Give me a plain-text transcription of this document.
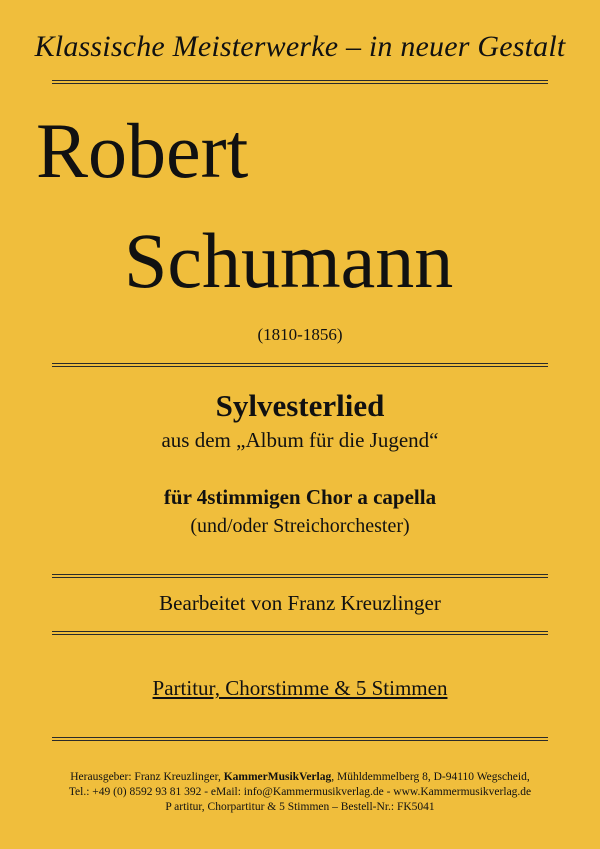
Klassische Meisterwerke – in neuer Gestalt
Robert
Schumann
(1810-1856)
Sylvesterlied
aus dem „Album für die Jugend“
für 4stimmigen Chor a capella
(und/oder Streichorchester)
Bearbeitet von Franz Kreuzlinger
Partitur, Chorstimme & 5 Stimmen
Herausgeber: Franz Kreuzlinger, KammerMusikVerlag, Mühldemmelberg 8, D-94110 Wegscheid,
Tel.: +49 (0) 8592 93 81 392 - eMail: info@Kammermusikverlag.de - www.Kammermusikverlag.de
P artitur, Chorpartitur & 5 Stimmen – Bestell-Nr.: FK5041
